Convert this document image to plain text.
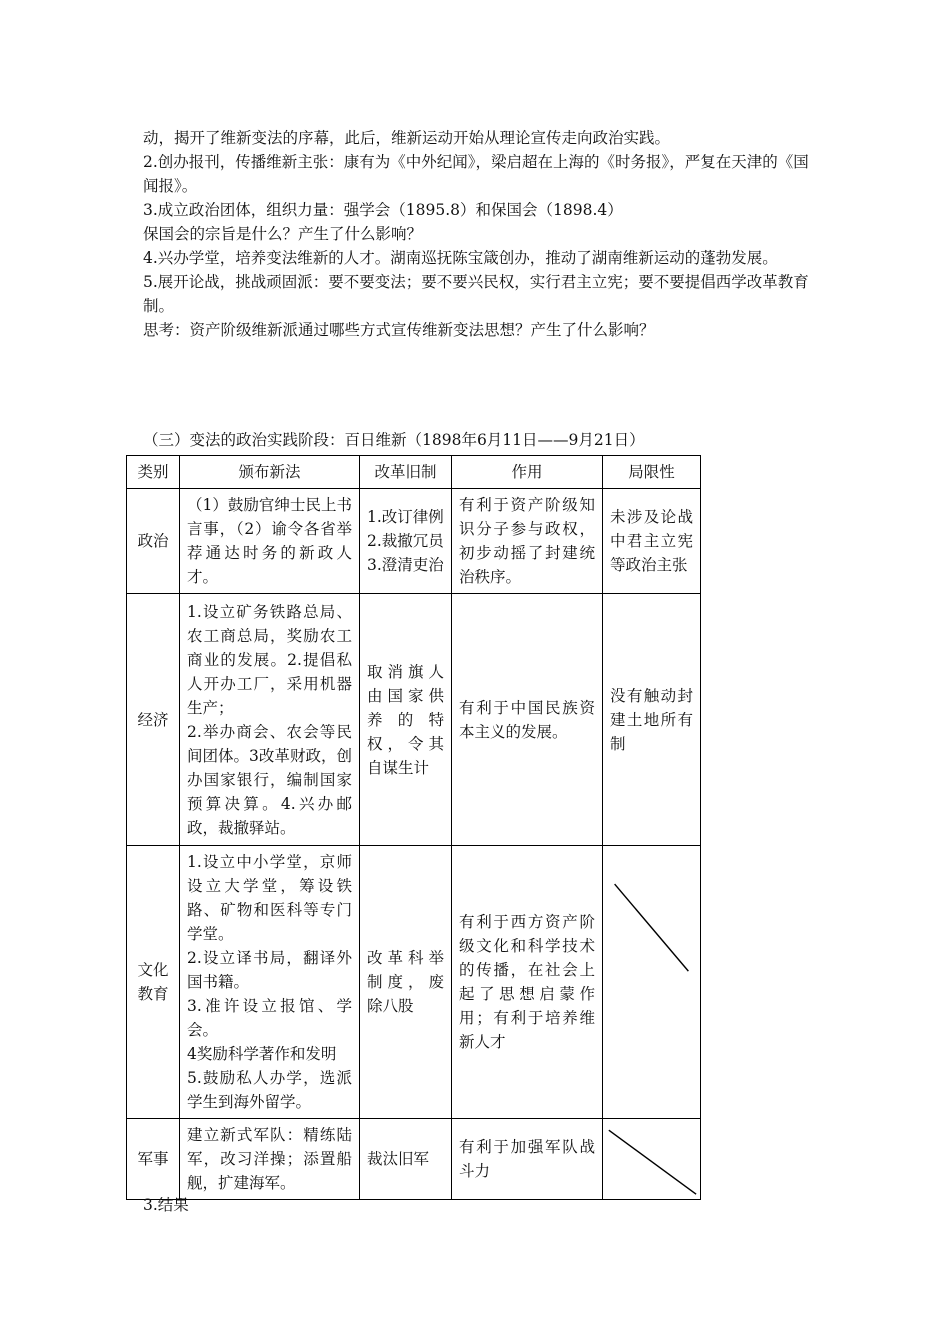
动，揭开了维新变法的序幕，此后，维新运动开始从理论宣传走向政治实践。
2.创办报刊，传播维新主张：康有为《中外纪闻》，梁启超在上海的《时务报》，严复在天津的《国闻报》。
3.成立政治团体，组织力量：强学会（1895.8）和保国会（1898.4）
保国会的宗旨是什么？产生了什么影响？
4.兴办学堂，培养变法维新的人才。湖南巡抚陈宝箴创办，推动了湖南维新运动的蓬勃发展。
5.展开论战，挑战顽固派：要不要变法；要不要兴民权，实行君主立宪；要不要提倡西学改革教育制。
思考：资产阶级维新派通过哪些方式宣传维新变法思想？产生了什么影响？
（三）变法的政治实践阶段：百日维新（1898年6月11日——9月21日）
类别	颁布新法	改革旧制	作用	局限性
政治	（1）鼓励官绅士民上书言事，（2）谕令各省举荐通达时务的新政人才。	1.改订律例
2.裁撤冗员
3.澄清吏治	有利于资产阶级知识分子参与政权，初步动摇了封建统治秩序。	未涉及论战中君主立宪等政治主张
经济	1.设立矿务铁路总局、农工商总局，奖励农工商业的发展。2.提倡私人开办工厂，采用机器生产；
2.举办商会、农会等民间团体。3改革财政，创办国家银行，编制国家预算决算。4.兴办邮政，裁撤驿站。	取消旗人由国家供养的特权，令其自谋生计	有利于中国民族资本主义的发展。	没有触动封建土地所有制
文化教育	1.设立中小学堂，京师设立大学堂，筹设铁路、矿物和医科等专门学堂。
2.设立译书局，翻译外国书籍。
3.准许设立报馆、学会。
4奖励科学著作和发明
5.鼓励私人办学，选派学生到海外留学。	改革科举制度，废除八股	有利于西方资产阶级文化和科学技术的传播，在社会上起了思想启蒙作用；有利于培养维新人才	

军事	建立新式军队：精练陆军，改习洋操；添置船舰，扩建海军。	裁汰旧军	有利于加强军队战斗力	
3.结果
